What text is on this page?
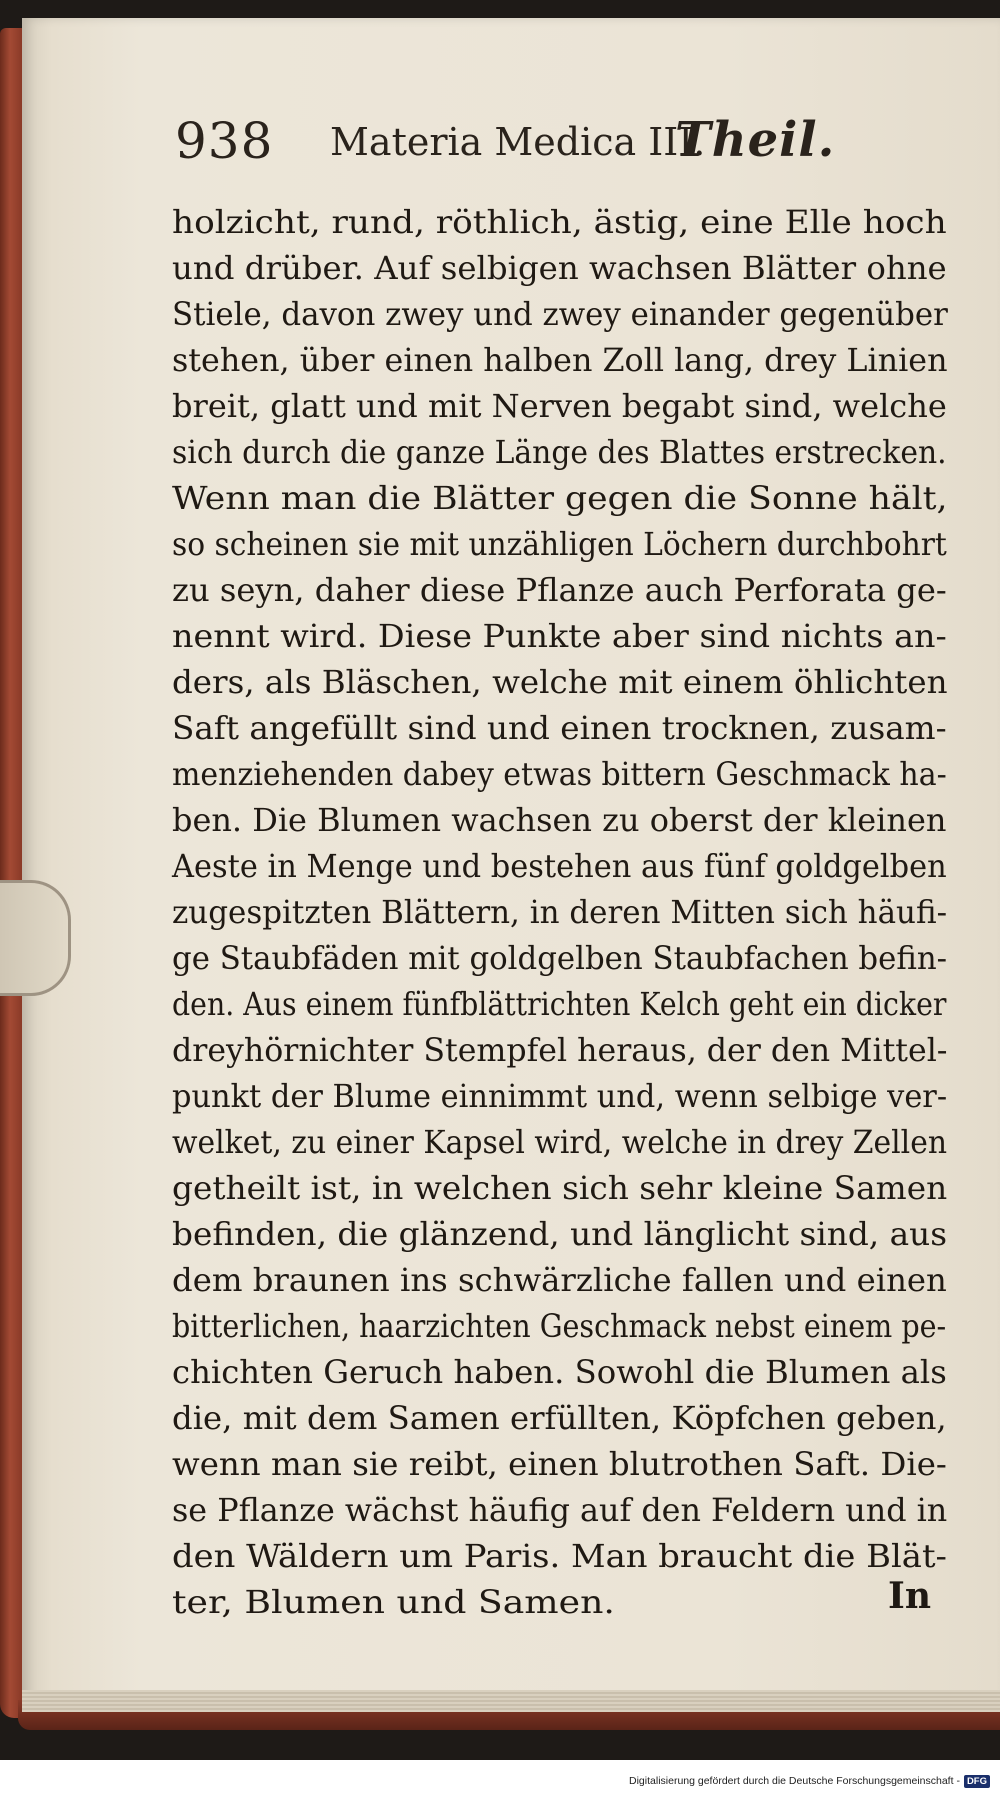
938 Materia Medica III.
Theil.
holzicht, rund, röthlich, ästig, eine Elle hoch
und drüber. Auf selbigen wachsen Blätter ohne
Stiele, davon zwey und zwey einander gegenüber
stehen, über einen halben Zoll lang, drey Linien
breit, glatt und mit Nerven begabt sind, welche
sich durch die ganze Länge des Blattes erstrecken.
Wenn man die Blätter gegen die Sonne hält,
so scheinen sie mit unzähligen Löchern durchbohrt
zu seyn, daher diese Pflanze auch Perforata ge-
nennt wird. Diese Punkte aber sind nichts an-
ders, als Bläschen, welche mit einem öhlichten
Saft angefüllt sind und einen trocknen, zusam-
menziehenden dabey etwas bittern Geschmack ha-
ben. Die Blumen wachsen zu oberst der kleinen
Aeste in Menge und bestehen aus fünf goldgelben
zugespitzten Blättern, in deren Mitten sich häufi-
ge Staubfäden mit goldgelben Staubfachen befin-
den. Aus einem fünfblättrichten Kelch geht ein dicker
dreyhörnichter Stempfel heraus, der den Mittel-
punkt der Blume einnimmt und, wenn selbige ver-
welket, zu einer Kapsel wird, welche in drey Zellen
getheilt ist, in welchen sich sehr kleine Samen
befinden, die glänzend, und länglicht sind, aus
dem braunen ins schwärzliche fallen und einen
bitterlichen, haarzichten Geschmack nebst einem pe-
chichten Geruch haben. Sowohl die Blumen als
die, mit dem Samen erfüllten, Köpfchen geben,
wenn man sie reibt, einen blutrothen Saft. Die-
se Pflanze wächst häufig auf den Feldern und in
den Wäldern um Paris. Man braucht die Blät-
ter, Blumen und Samen.	In
Digitalisierung gefördert durch die Deutsche Forschungsgemeinschaft - DFG
